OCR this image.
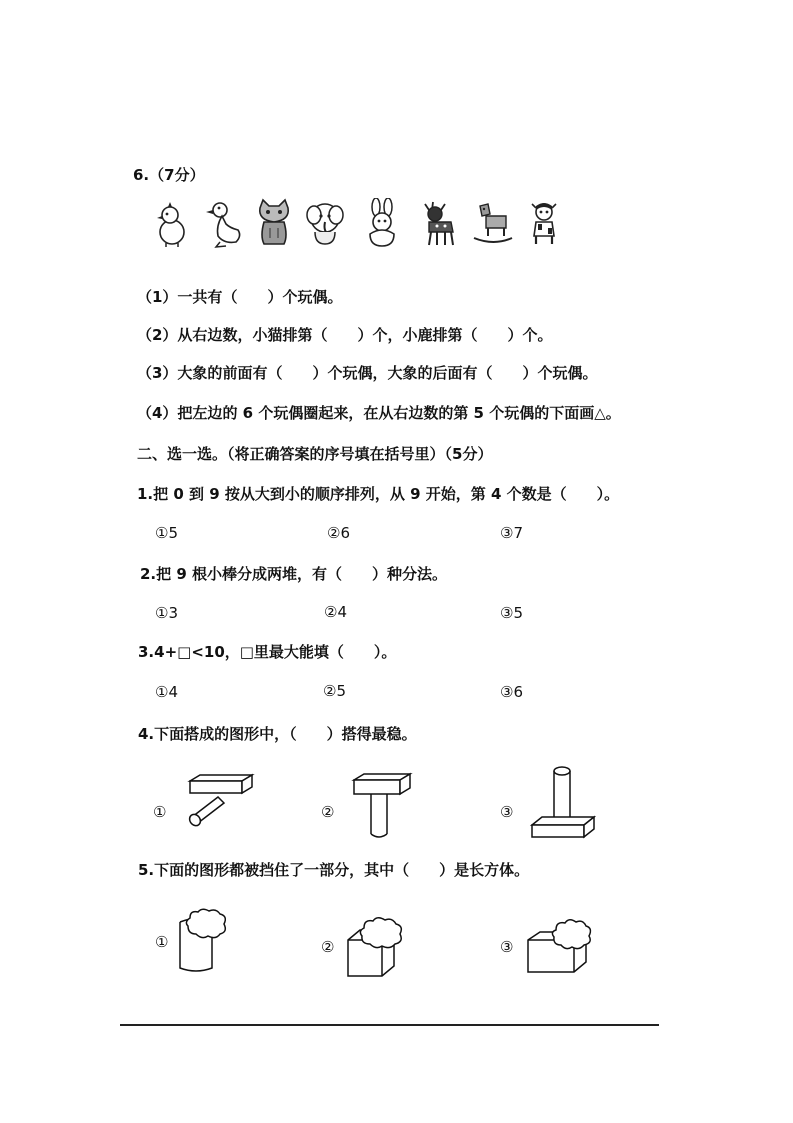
6.（7分）
（1）一共有（　　）个玩偶。
（2）从右边数，小猫排第（　　）个，小鹿排第（　　）个。
（3）大象的前面有（　　）个玩偶，大象的后面有（　　）个玩偶。
（4）把左边的 6 个玩偶圈起来，在从右边数的第 5 个玩偶的下面画△。
二、选一选。（将正确答案的序号填在括号里）（5分）
1.把 0 到 9 按从大到小的顺序排列，从 9 开始，第 4 个数是（　　）。
①5	②6	③7
2.把 9 根小棒分成两堆，有（　　）种分法。
①3	②4	③5
3.4+□<10，□里最大能填（　　）。
①4	②5	③6
4.下面搭成的图形中，（　　）搭得最稳。
①	②	③
5.下面的图形都被挡住了一部分，其中（　　）是长方体。
①	②	③
